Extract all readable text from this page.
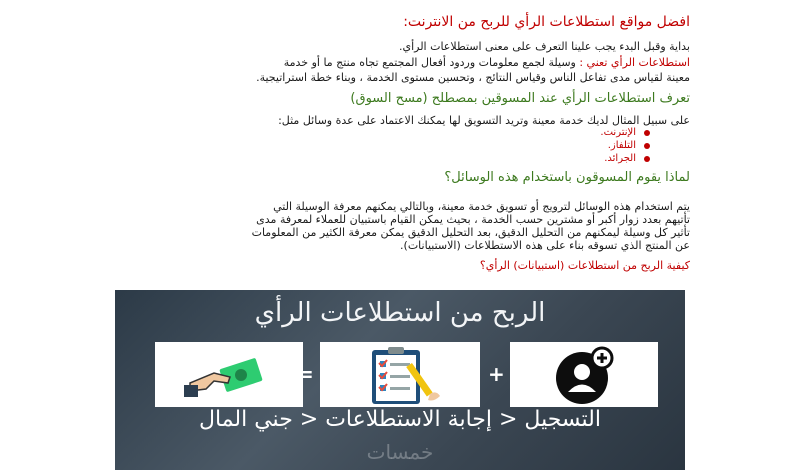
افضل مواقع استطلاعات الرأي للربح من الانترنت:
بداية وقبل البدء يجب علينا التعرف على معنى استطلاعات الرأي.
استطلاعات الرأي تعني : وسيلة لجمع معلومات وردود أفعال المجتمع تجاه منتج ما أو خدمة
معينة لقياس مدى تفاعل الناس وقياس النتائج ، وتحسين مستوى الخدمة ، وبناء خطة استراتيجية.
تعرف استطلاعات الرأي عند المسوقين بمصطلح (مسح السوق)
على سبيل المثال لديك خدمة معينة وتريد التسويق لها يمكنك الاعتماد على عدة وسائل مثل:
الإنترنت.
التلفاز.
الجرائد.
لماذا يقوم المسوقون باستخدام هذه الوسائل؟
يتم استخدام هذه الوسائل لترويج أو تسويق خدمة معينة، وبالتالي يمكنهم معرفة الوسيلة التي
تأتيهم بعدد زوار أكبر أو مشترين حسب الخدمة ، بحيث يمكن القيام باستبيان للعملاء لمعرفة مدى
تأثير كل وسيلة ليمكنهم من التحليل الدقيق، بعد التحليل الدقيق يمكن معرفة الكثير من المعلومات
عن المنتج الذي تسوقه بناء على هذه الاستطلاعات (الاستبيانات).
كيفية الربح من استطلاعات (استبيانات) الرأي؟
الربح من استطلاعات الرأي
+
=
التسجيل < إجابة الاستطلاعات < جني المال
خمسات
